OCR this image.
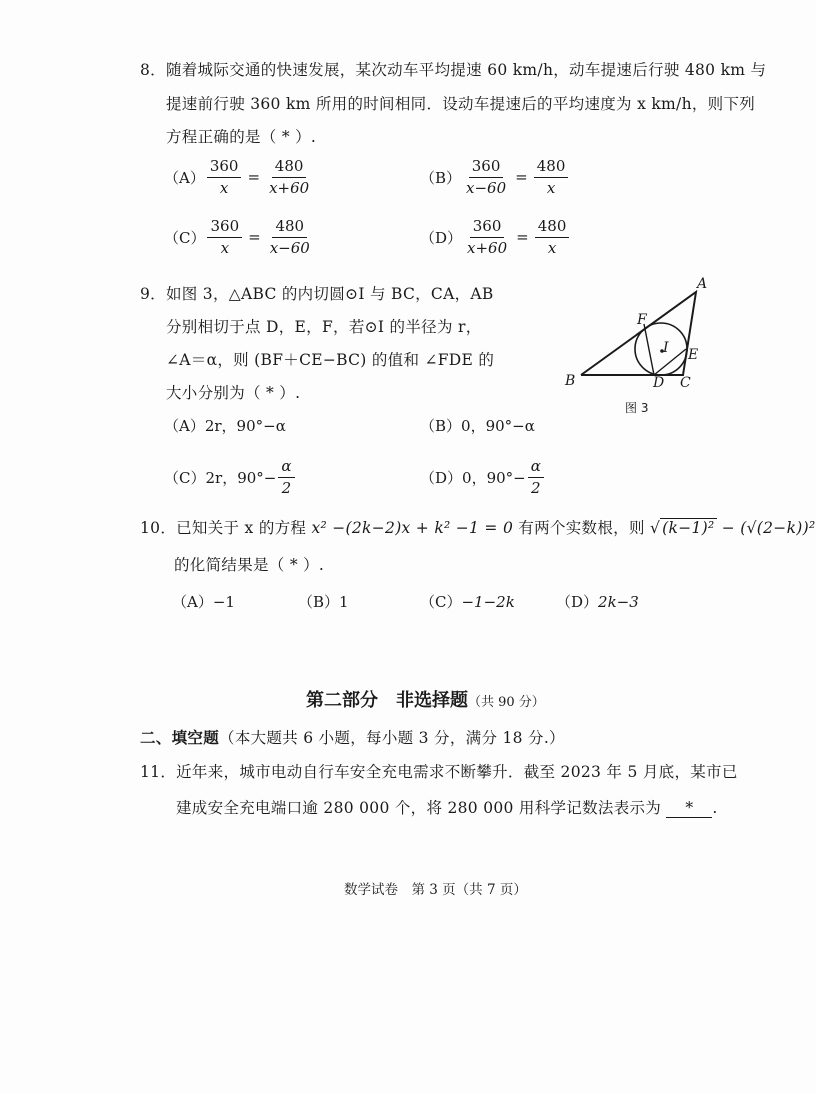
8．随着城际交通的快速发展，某次动车平均提速 60 km/h，动车提速后行驶 480 km 与
提速前行驶 360 km 所用的时间相同．设动车提速后的平均速度为 x km/h，则下列
方程正确的是（ * ）.
$(A) \frac{360}{x} = \frac{480}{x+60}$	$(B) \frac{360}{x-60} = \frac{480}{x}$
$(C) \frac{360}{x} = \frac{480}{x-60}$	$(D) \frac{360}{x+60} = \frac{480}{x}$
9．如图 3，△ABC 的内切圆⊙I 与 BC，CA，AB
分别相切于点 D，E，F，若⊙I 的半径为 r，
∠A＝α，则 (BF＋CE−BC) 的值和 ∠FDE 的
大小分别为（ * ）.
A
B	C
D
E
F
I
图 3
（A）2r，90°−α	（B）0，90°−α
（C） 2r，$90^\circ- \frac{\alpha}{2}$	（D） 0，$90^\circ- \frac{\alpha}{2}$
10．已知关于 x 的方程 x² −(2k−2)x + k² −1 = 0 有两个实数根，则 √ (k−1)² − (√(2−k))²
的化简结果是（ * ）.
（A）−1	（B）1	（C）−1−2k	（D）2k−3
第二部分　非选择题（共 90 分）
二、填空题（本大题共 6 小题，每小题 3 分，满分 18 分.）
11．近年来，城市电动自行车安全充电需求不断攀升．截至 2023 年 5 月底，某市已
建成安全充电端口逾 280 000 个，将 280 000 用科学记数法表示为 * .
数学试卷　第 3 页（共 7 页）
